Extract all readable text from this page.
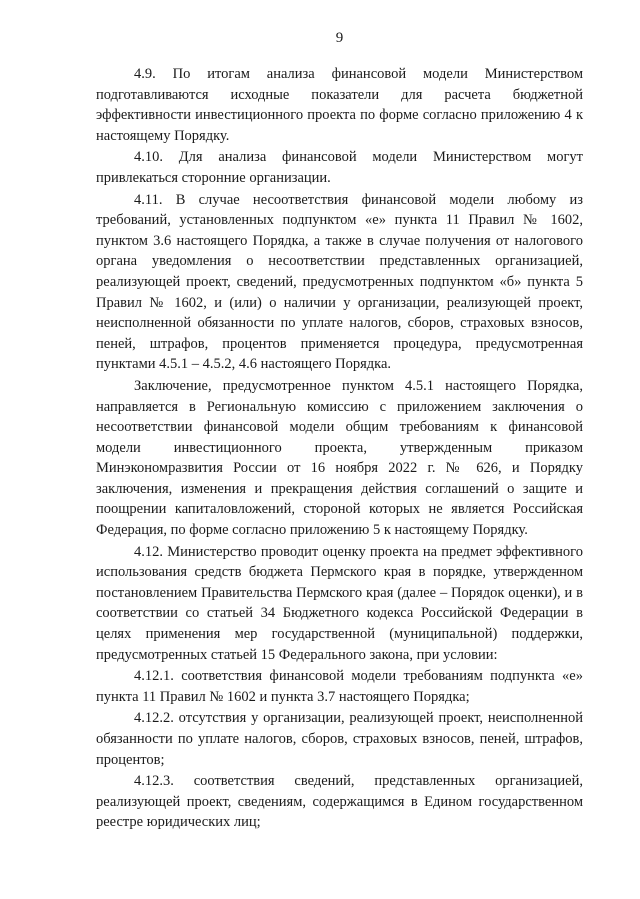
9

4.9. По итогам анализа финансовой модели Министерством подготавливаются исходные показатели для расчета бюджетной эффективности инвестиционного проекта по форме согласно приложению 4 к настоящему Порядку.

4.10. Для анализа финансовой модели Министерством могут привлекаться сторонние организации.

4.11. В случае несоответствия финансовой модели любому из требований, установленных подпунктом «е» пункта 11 Правил № 1602, пунктом 3.6 настоящего Порядка, а также в случае получения от налогового органа уведомления о несоответствии представленных организацией, реализующей проект, сведений, предусмотренных подпунктом «б» пункта 5 Правил № 1602, и (или) о наличии у организации, реализующей проект, неисполненной обязанности по уплате налогов, сборов, страховых взносов, пеней, штрафов, процентов применяется процедура, предусмотренная пунктами 4.5.1 – 4.5.2, 4.6 настоящего Порядка.

Заключение, предусмотренное пунктом 4.5.1 настоящего Порядка, направляется в Региональную комиссию с приложением заключения о несоответствии финансовой модели общим требованиям к финансовой модели инвестиционного проекта, утвержденным приказом Минэкономразвития России от 16 ноября 2022 г. № 626, и Порядку заключения, изменения и прекращения действия соглашений о защите и поощрении капиталовложений, стороной которых не является Российская Федерация, по форме согласно приложению 5 к настоящему Порядку.

4.12. Министерство проводит оценку проекта на предмет эффективного использования средств бюджета Пермского края в порядке, утвержденном постановлением Правительства Пермского края (далее – Порядок оценки), и в соответствии со статьей 34 Бюджетного кодекса Российской Федерации в целях применения мер государственной (муниципальной) поддержки, предусмотренных статьей 15 Федерального закона, при условии:

4.12.1. соответствия финансовой модели требованиям подпункта «е» пункта 11 Правил № 1602 и пункта 3.7 настоящего Порядка;

4.12.2. отсутствия у организации, реализующей проект, неисполненной обязанности по уплате налогов, сборов, страховых взносов, пеней, штрафов, процентов;

4.12.3. соответствия сведений, представленных организацией, реализующей проект, сведениям, содержащимся в Едином государственном реестре юридических лиц;
